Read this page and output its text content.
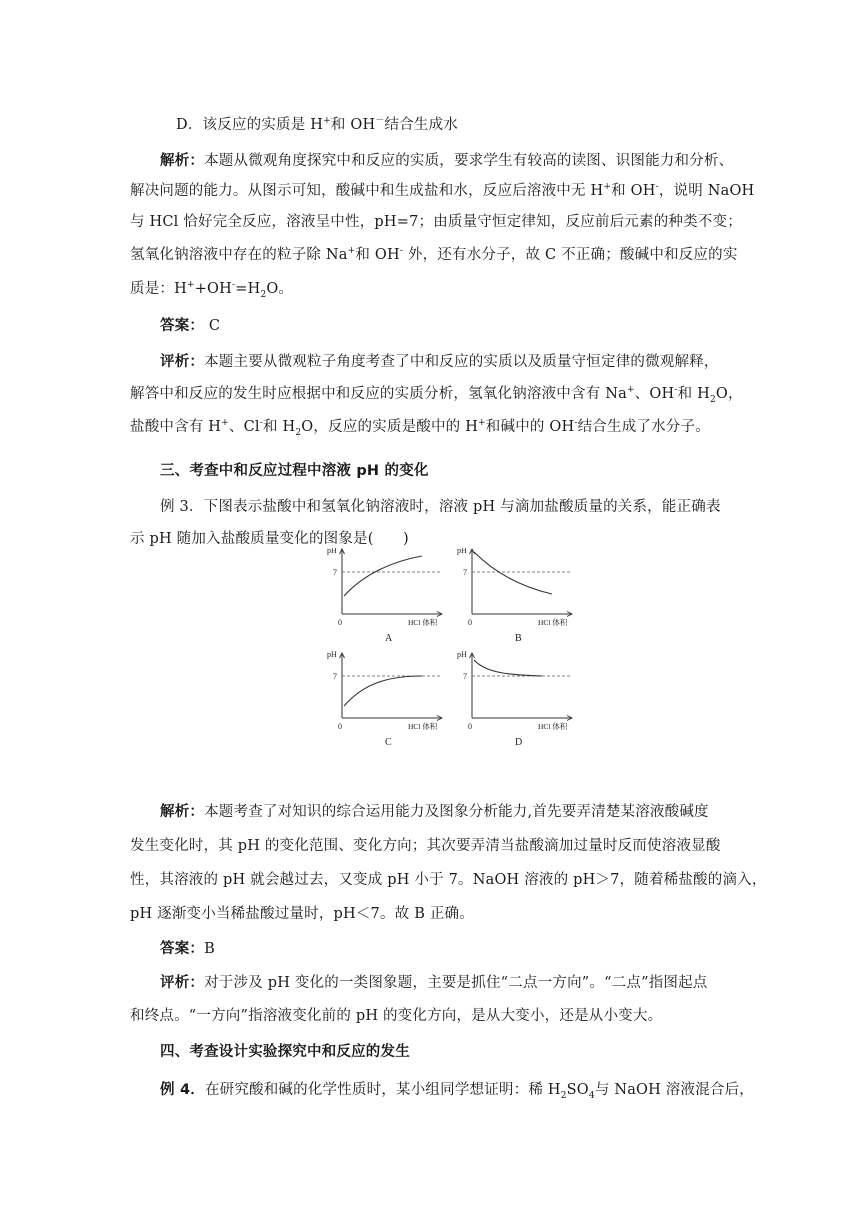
D．该反应的实质是 H+和 OH－结合生成水
解析：本题从微观角度探究中和反应的实质，要求学生有较高的读图、识图能力和分析、
解决问题的能力。从图示可知，酸碱中和生成盐和水，反应后溶液中无 H+和 OH-，说明 NaOH
与 HCl 恰好完全反应，溶液呈中性，pH=7；由质量守恒定律知，反应前后元素的种类不变；
氢氧化钠溶液中存在的粒子除 Na+和 OH- 外，还有水分子，故 C 不正确；酸碱中和反应的实
质是：$H^++OH^-=H_2O$。
答案： C
评析：本题主要从微观粒子角度考查了中和反应的实质以及质量守恒定律的微观解释，
解答中和反应的发生时应根据中和反应的实质分析，氢氧化钠溶液中含有 Na+、OH-和 $H_2O$，
盐酸中含有 H+、Cl-和 $H_2O$，反应的实质是酸中的 H+和碱中的 OH-结合生成了水分子。
三、考查中和反应过程中溶液 pH 的变化
例 3．下图表示盐酸中和氢氧化钠溶液时，溶液 pH 与滴加盐酸质量的关系，能正确表
示 pH 随加入盐酸质量变化的图象是(　　)
7
pH
0	HCl 体积
A
7
pH
0	HCl 体积
B
7
pH
0	HCl 体积
C
7
pH
0	HCl 体积
D
解析：本题考查了对知识的综合运用能力及图象分析能力,首先要弄清楚某溶液酸碱度
发生变化时，其 pH 的变化范围、变化方向；其次要弄清当盐酸滴加过量时反而使溶液显酸
性，其溶液的 pH 就会越过去，又变成 pH 小于 7。NaOH 溶液的 pH＞7，随着稀盐酸的滴入，
pH 逐渐变小当稀盐酸过量时，pH＜7。故 B 正确。
答案：B
评析：对于涉及 pH 变化的一类图象题，主要是抓住“二点一方向”。“二点”指图起点
和终点。“一方向”指溶液变化前的 pH 的变化方向，是从大变小，还是从小变大。
四、考查设计实验探究中和反应的发生
例 4．在研究酸和碱的化学性质时，某小组同学想证明：稀 $H_2SO_4$与 NaOH 溶液混合后，
